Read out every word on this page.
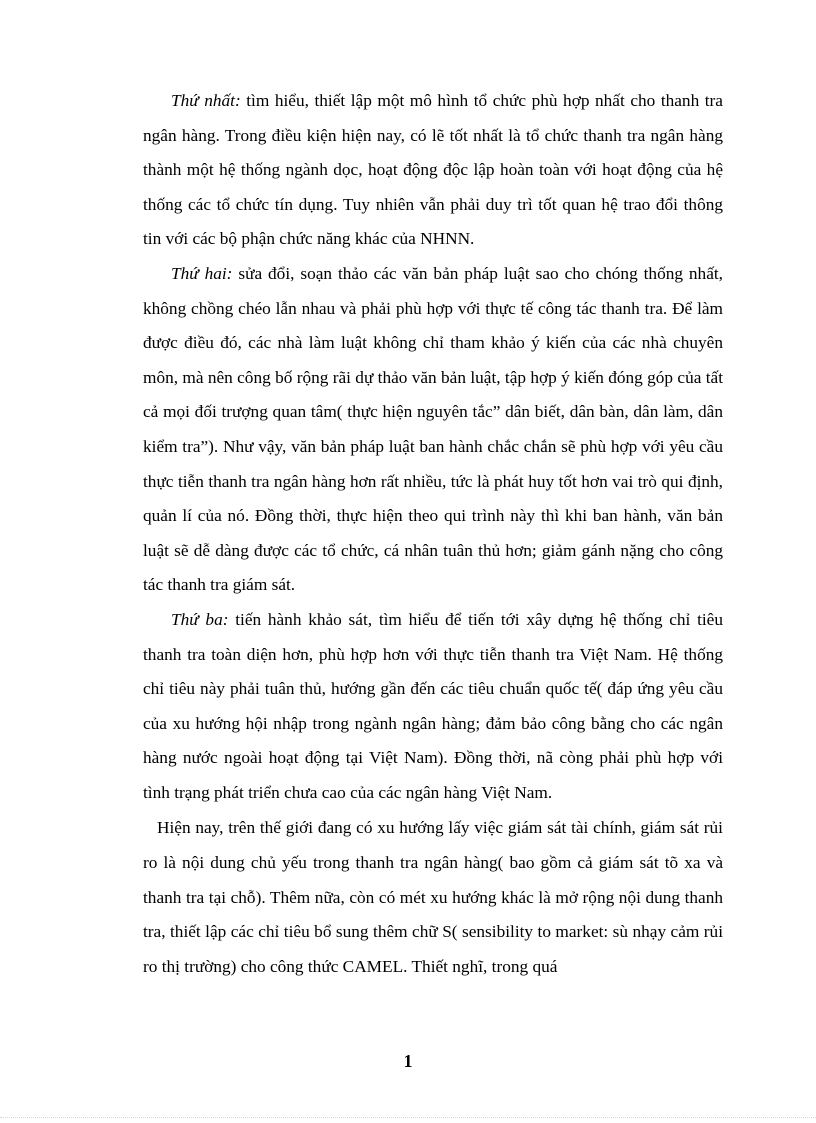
Thứ nhất: tìm hiểu, thiết lập một mô hình tổ chức phù hợp nhất cho thanh tra ngân hàng. Trong điều kiện hiện nay, có lẽ tốt nhất là tổ chức thanh tra ngân hàng thành một hệ thống ngành dọc, hoạt động độc lập hoàn toàn với hoạt động của hệ thống các tổ chức tín dụng. Tuy nhiên vẫn phải duy trì tốt quan hệ trao đổi thông tin với các bộ phận chức năng khác của NHNN.

Thứ hai: sửa đổi, soạn thảo các văn bản pháp luật sao cho chóng thống nhất, không chồng chéo lẫn nhau và phải phù hợp với thực tế công tác thanh tra. Để làm được điều đó, các nhà làm luật không chỉ tham khảo ý kiến của các nhà chuyên môn, mà nên công bố rộng rãi dự thảo văn bản luật, tập hợp ý kiến đóng góp của tất cả mọi đối trượng quan tâm( thực hiện nguyên tắc” dân biết, dân bàn, dân làm, dân kiểm tra”). Như vậy, văn bản pháp luật ban hành chắc chắn sẽ phù hợp với yêu cầu thực tiễn thanh tra ngân hàng hơn rất nhiều, tức là phát huy tốt hơn vai trò qui định, quản lí của nó. Đồng thời, thực hiện theo qui trình này thì khi ban hành, văn bản luật sẽ dễ dàng được các tổ chức, cá nhân tuân thủ hơn; giảm gánh nặng cho công tác thanh tra giám sát.

Thứ ba: tiến hành khảo sát, tìm hiểu để tiến tới xây dựng hệ thống chỉ tiêu thanh tra toàn diện hơn, phù hợp hơn với thực tiễn thanh tra Việt Nam. Hệ thống chỉ tiêu này phải tuân thủ, hướng gần đến các tiêu chuẩn quốc tế( đáp ứng yêu cầu của xu hướng hội nhập trong ngành ngân hàng; đảm bảo công bằng cho các ngân hàng nước ngoài hoạt động tại Việt Nam). Đồng thời, nã còng phải phù hợp với tình trạng phát triển chưa cao của các ngân hàng Việt Nam.

Hiện nay, trên thế giới đang có xu hướng lấy việc giám sát tài chính, giám sát rủi ro là nội dung chủ yếu trong thanh tra ngân hàng( bao gồm cả giám sát tõ xa và thanh tra tại chỗ). Thêm nữa, còn có mét xu hướng khác là mở rộng nội dung thanh tra, thiết lập các chỉ tiêu bổ sung thêm chữ S( sensibility to market: sù nhạy cảm rủi ro thị trường) cho công thức CAMEL. Thiết nghĩ, trong quá

1
